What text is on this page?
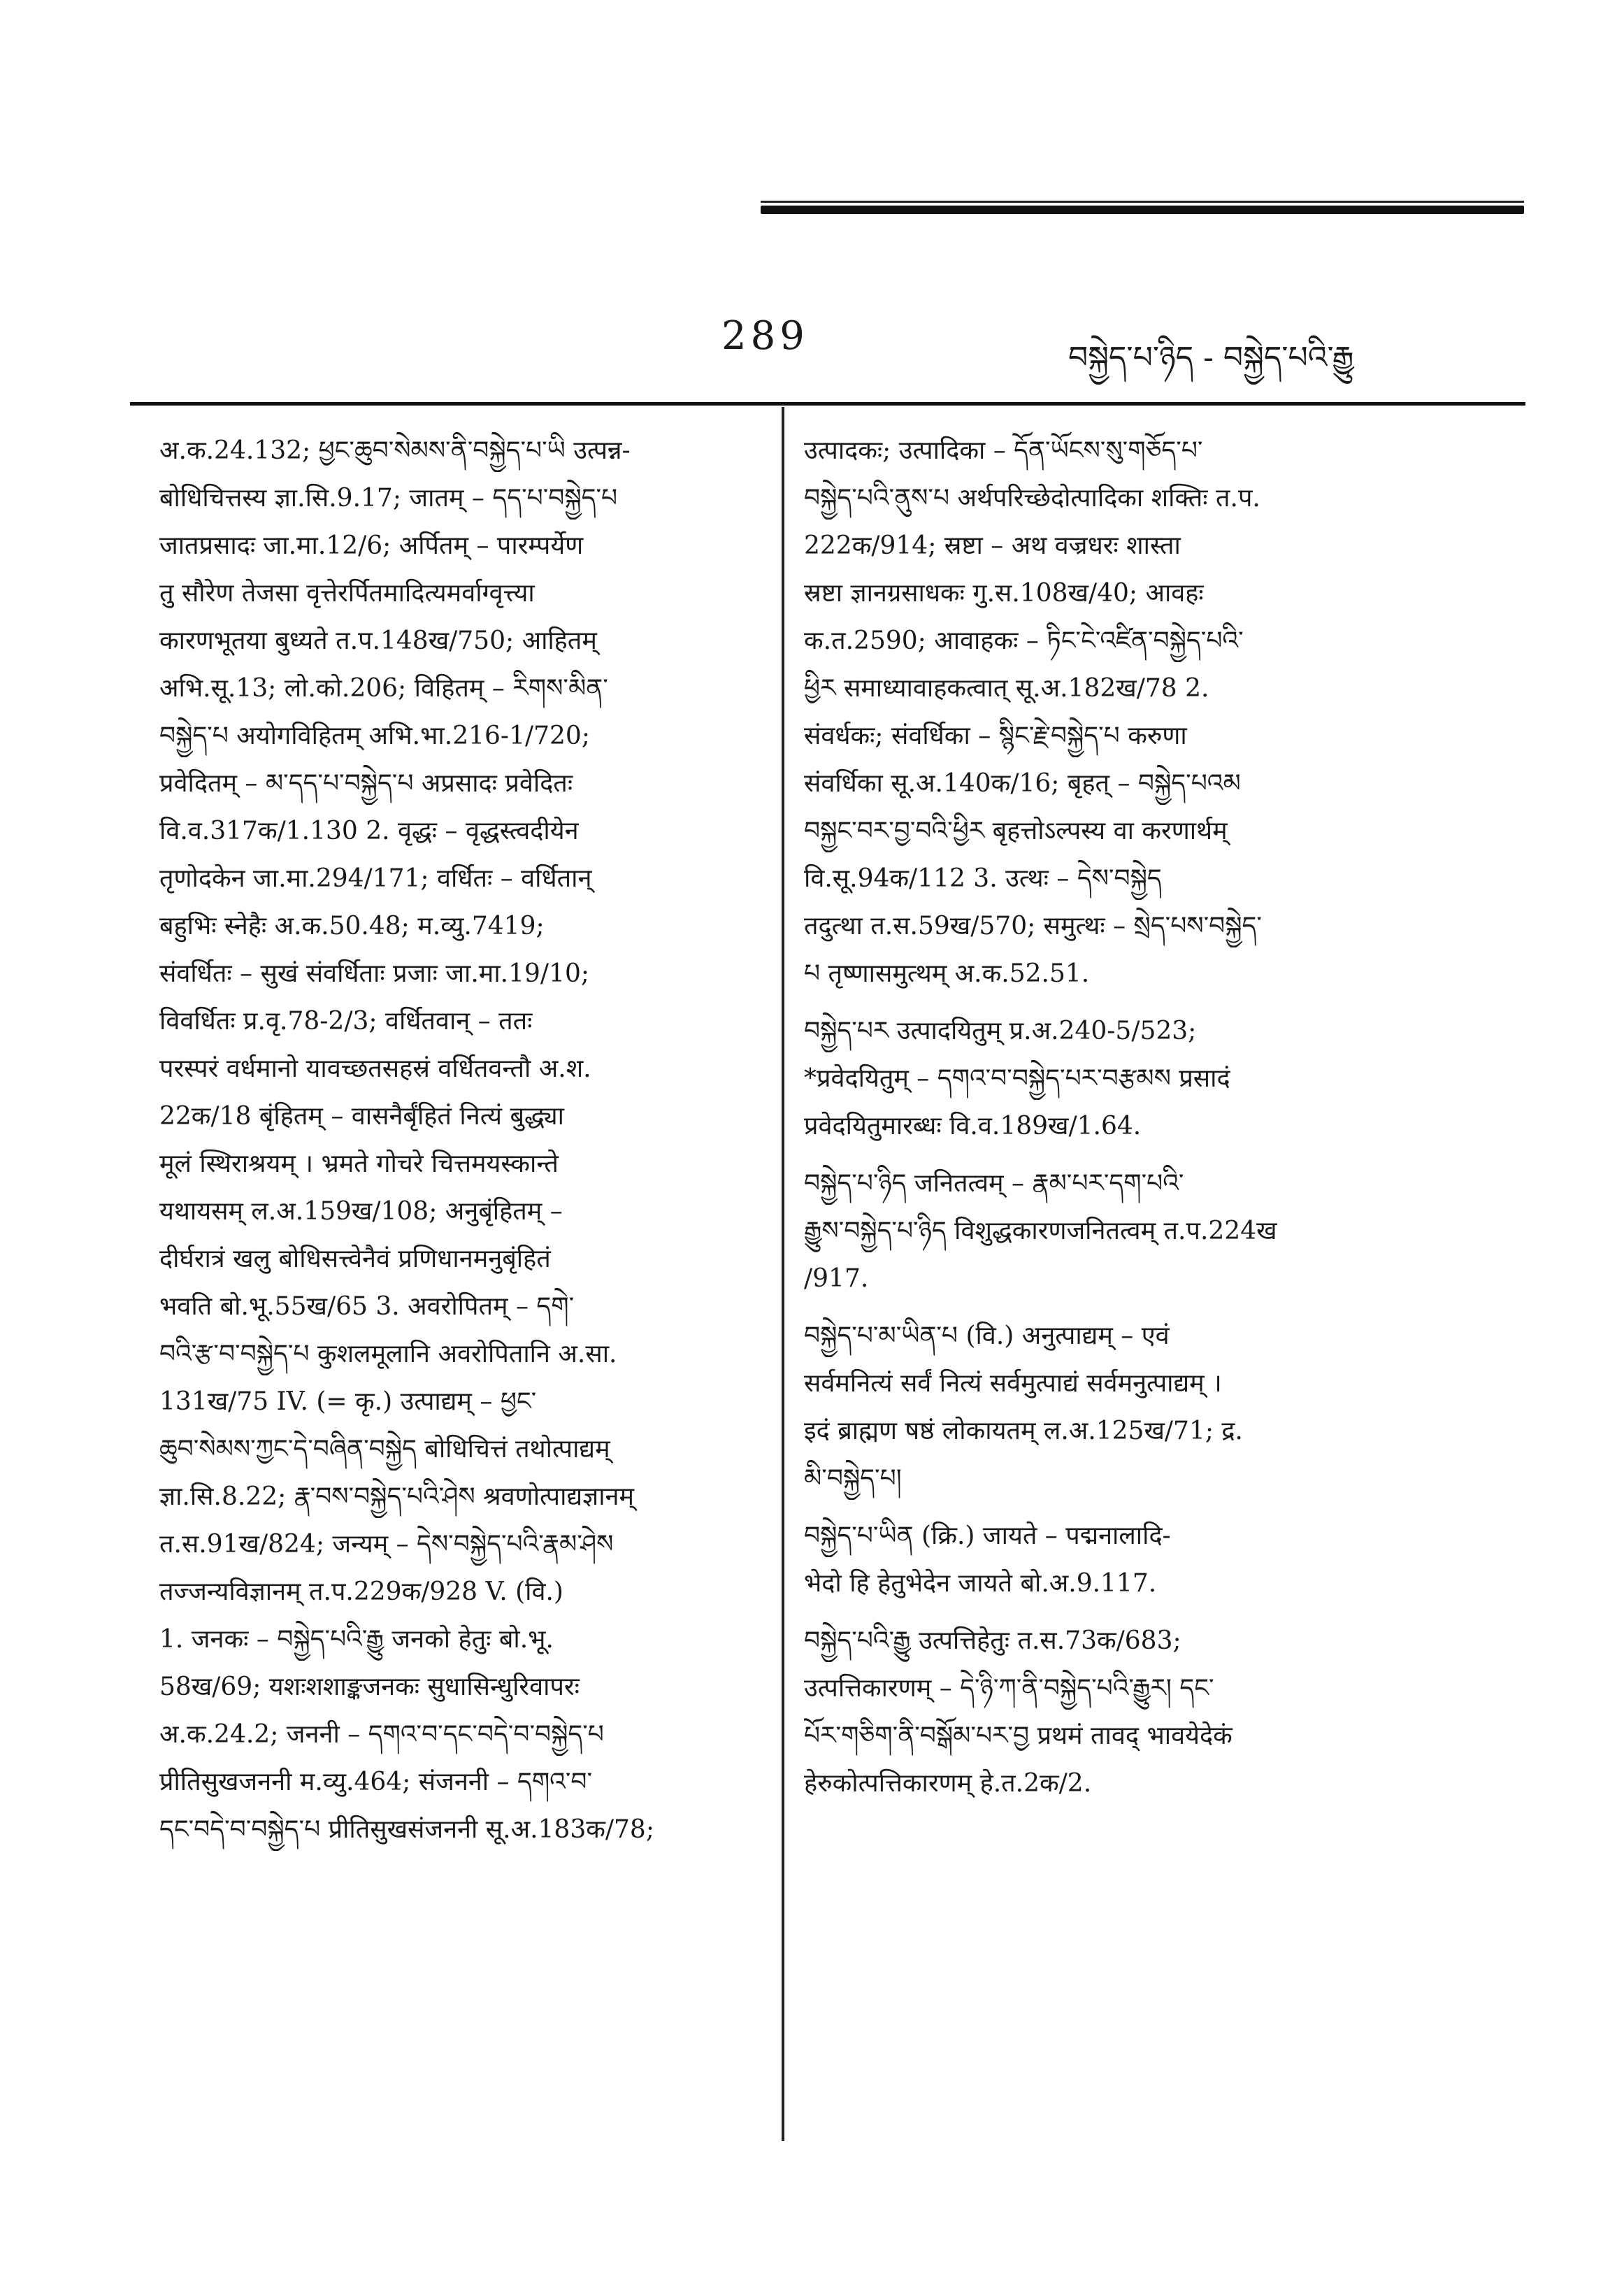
289	བསྐྱེད་པ་ཉིད - བསྐྱེད་པའི་རྒྱུ
अ.क.24.132; ཕྱང་ཆུབ་སེམས་ནི་བསྐྱེད་པ་ཡི उत्पन्न-
बोधिचित्तस्य ज्ञा.सि.9.17; जातम् – དད་པ་བསྐྱེད་པ
जातप्रसादः जा.मा.12/6; अर्पितम् – पारम्पर्येण
तु सौरेण तेजसा वृत्तेरर्पितमादित्यमर्वाग्वृत्त्या
कारणभूतया बुध्यते त.प.148ख/750; आहितम्
अभि.सू.13; लो.को.206; विहितम् – རིགས་མིན་
བསྐྱེད་པ अयोगविहितम् अभि.भा.216-1/720;
प्रवेदितम् – མ་དད་པ་བསྐྱེད་པ अप्रसादः प्रवेदितः
वि.व.317क/1.130 2. वृद्धः – वृद्धस्त्वदीयेन
तृणोदकेन जा.मा.294/171; वर्धितः – वर्धितान्
बहुभिः स्नेहैः अ.क.50.48; म.व्यु.7419;
संवर्धितः – सुखं संवर्धिताः प्रजाः जा.मा.19/10;
विवर्धितः प्र.वृ.78-2/3; वर्धितवान् – ततः
परस्परं वर्धमानो यावच्छतसहस्रं वर्धितवन्तौ अ.श.
22क/18 बृंहितम् – वासनैर्बृंहितं नित्यं बुद्ध्या
मूलं स्थिराश्रयम् । भ्रमते गोचरे चित्तमयस्कान्ते
यथायसम् ल.अ.159ख/108; अनुबृंहितम् –
दीर्घरात्रं खलु बोधिसत्त्वेनैवं प्रणिधानमनुबृंहितं
भवति बो.भू.55ख/65 3. अवरोपितम् – དགེ་
བའི་རྩ་བ་བསྐྱེད་པ कुशलमूलानि अवरोपितानि अ.सा.
131ख/75 IV. (= कृ.) उत्पाद्यम् – ཕྱང་
ཆུབ་སེམས་ཀྱང་དེ་བཞིན་བསྐྱེད बोधिचित्तं तथोत्पाद्यम्
ज्ञा.सि.8.22; རྣ་བས་བསྐྱེད་པའི་ཤེས श्रवणोत्पाद्यज्ञानम्
त.स.91ख/824; जन्यम् – དེས་བསྐྱེད་པའི་རྣམ་ཤེས
तज्जन्यविज्ञानम् त.प.229क/928 V. (वि.)
1. जनकः – བསྐྱེད་པའི་རྒྱུ जनको हेतुः बो.भू.
58ख/69; यशःशशाङ्कजनकः सुधासिन्धुरिवापरः
अ.क.24.2; जननी – དགའ་བ་དང་བདེ་བ་བསྐྱེད་པ
प्रीतिसुखजननी म.व्यु.464; संजननी – དགའ་བ་
དང་བདེ་བ་བསྐྱེད་པ प्रीतिसुखसंजननी सू.अ.183क/78;
उत्पादकः; उत्पादिका – དོན་ཡོངས་སུ་གཅོད་པ་
བསྐྱེད་པའི་ནུས་པ अर्थपरिच्छेदोत्पादिका शक्तिः त.प.
222क/914; स्रष्टा – अथ वज्रधरः शास्ता
स्रष्टा ज्ञानग्रसाधकः गु.स.108ख/40; आवहः
क.त.2590; आवाहकः – ཏིང་ངེ་འཛིན་བསྐྱེད་པའི་
ཕྱིར समाध्यावाहकत्वात् सू.अ.182ख/78 2.
संवर्धकः; संवर्धिका – སྙིང་རྗེ་བསྐྱེད་པ करुणा
संवर्धिका सू.अ.140क/16; बृहत् – བསྐྱེད་པའམ
བསྐྱང་བར་བྱ་བའི་ཕྱིར बृहत्तोऽल्पस्य वा करणार्थम्
वि.सू.94क/112 3. उत्थः – དེས་བསྐྱེད
तदुत्था त.स.59ख/570; समुत्थः – སྲེད་པས་བསྐྱེད་
པ तृष्णासमुत्थम् अ.क.52.51.
བསྐྱེད་པར उत्पादयितुम् प्र.अ.240-5/523;
*प्रवेदयितुम् – དགའ་བ་བསྐྱེད་པར་བརྩམས प्रसादं
प्रवेदयितुमारब्धः वि.व.189ख/1.64.
བསྐྱེད་པ་ཉིད जनितत्वम् – རྣམ་པར་དག་པའི་
རྒྱུས་བསྐྱེད་པ་ཉིད विशुद्धकारणजनितत्वम् त.प.224ख
/917.
བསྐྱེད་པ་མ་ཡིན་པ (वि.) अनुत्पाद्यम् – एवं
सर्वमनित्यं सर्वं नित्यं सर्वमुत्पाद्यं सर्वमनुत्पाद्यम् ।
इदं ब्राह्मण षष्ठं लोकायतम् ल.अ.125ख/71; द्र.
མི་བསྐྱེད་པ།
བསྐྱེད་པ་ཡིན (क्रि.) जायते – पद्मनालादि-
भेदो हि हेतुभेदेन जायते बो.अ.9.117.
བསྐྱེད་པའི་རྒྱུ उत्पत्तिहेतुः त.स.73क/683;
उत्पत्तिकारणम् – དེ་ཉི་ཀ་ནི་བསྐྱེད་པའི་རྒྱུར། དང་
པོར་གཅིག་ནི་བསྒོམ་པར་བྱ प्रथमं तावद् भावयेदेकं
हेरुकोत्पत्तिकारणम् हे.त.2क/2.
